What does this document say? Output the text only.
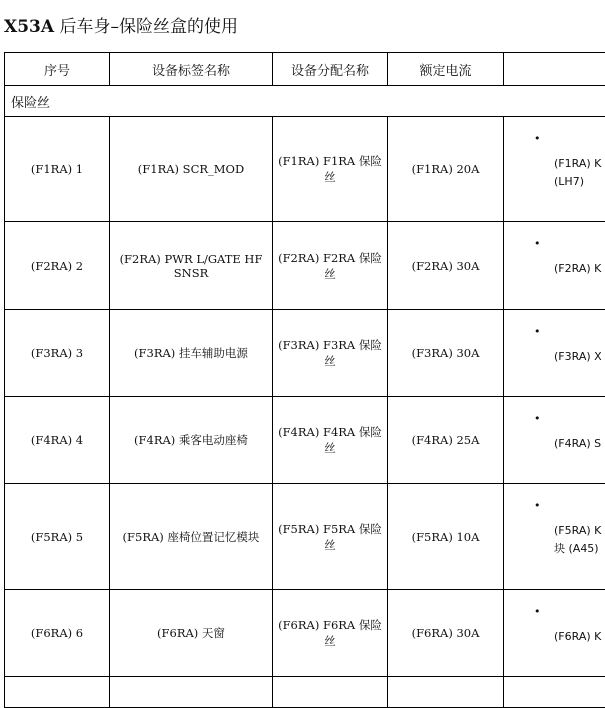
X53A 后车身–保险丝盒的使用
序号	设备标签名称	设备分配名称	额定电流	
保险丝				
(F1RA) 1	(F1RA) SCR_MOD	(F1RA) F1RA 保险丝	(F1RA) 20A	•
(F1RA) K
(LH7)

(F2RA) 2	(F2RA) PWR L/GATE HF SNSR	(F2RA) F2RA 保险丝	(F2RA) 30A	•
(F2RA) K

(F3RA) 3	(F3RA) 挂车辅助电源	(F3RA) F3RA 保险丝	(F3RA) 30A	•
(F3RA) X

(F4RA) 4	(F4RA) 乘客电动座椅	(F4RA) F4RA 保险丝	(F4RA) 25A	•
(F4RA) S

(F5RA) 5	(F5RA) 座椅位置记忆模块	(F5RA) F5RA 保险丝	(F5RA) 10A	•
(F5RA) K
块 (A45)

(F6RA) 6	(F6RA) 天窗	(F6RA) F6RA 保险丝	(F6RA) 30A	•
(F6RA) K
